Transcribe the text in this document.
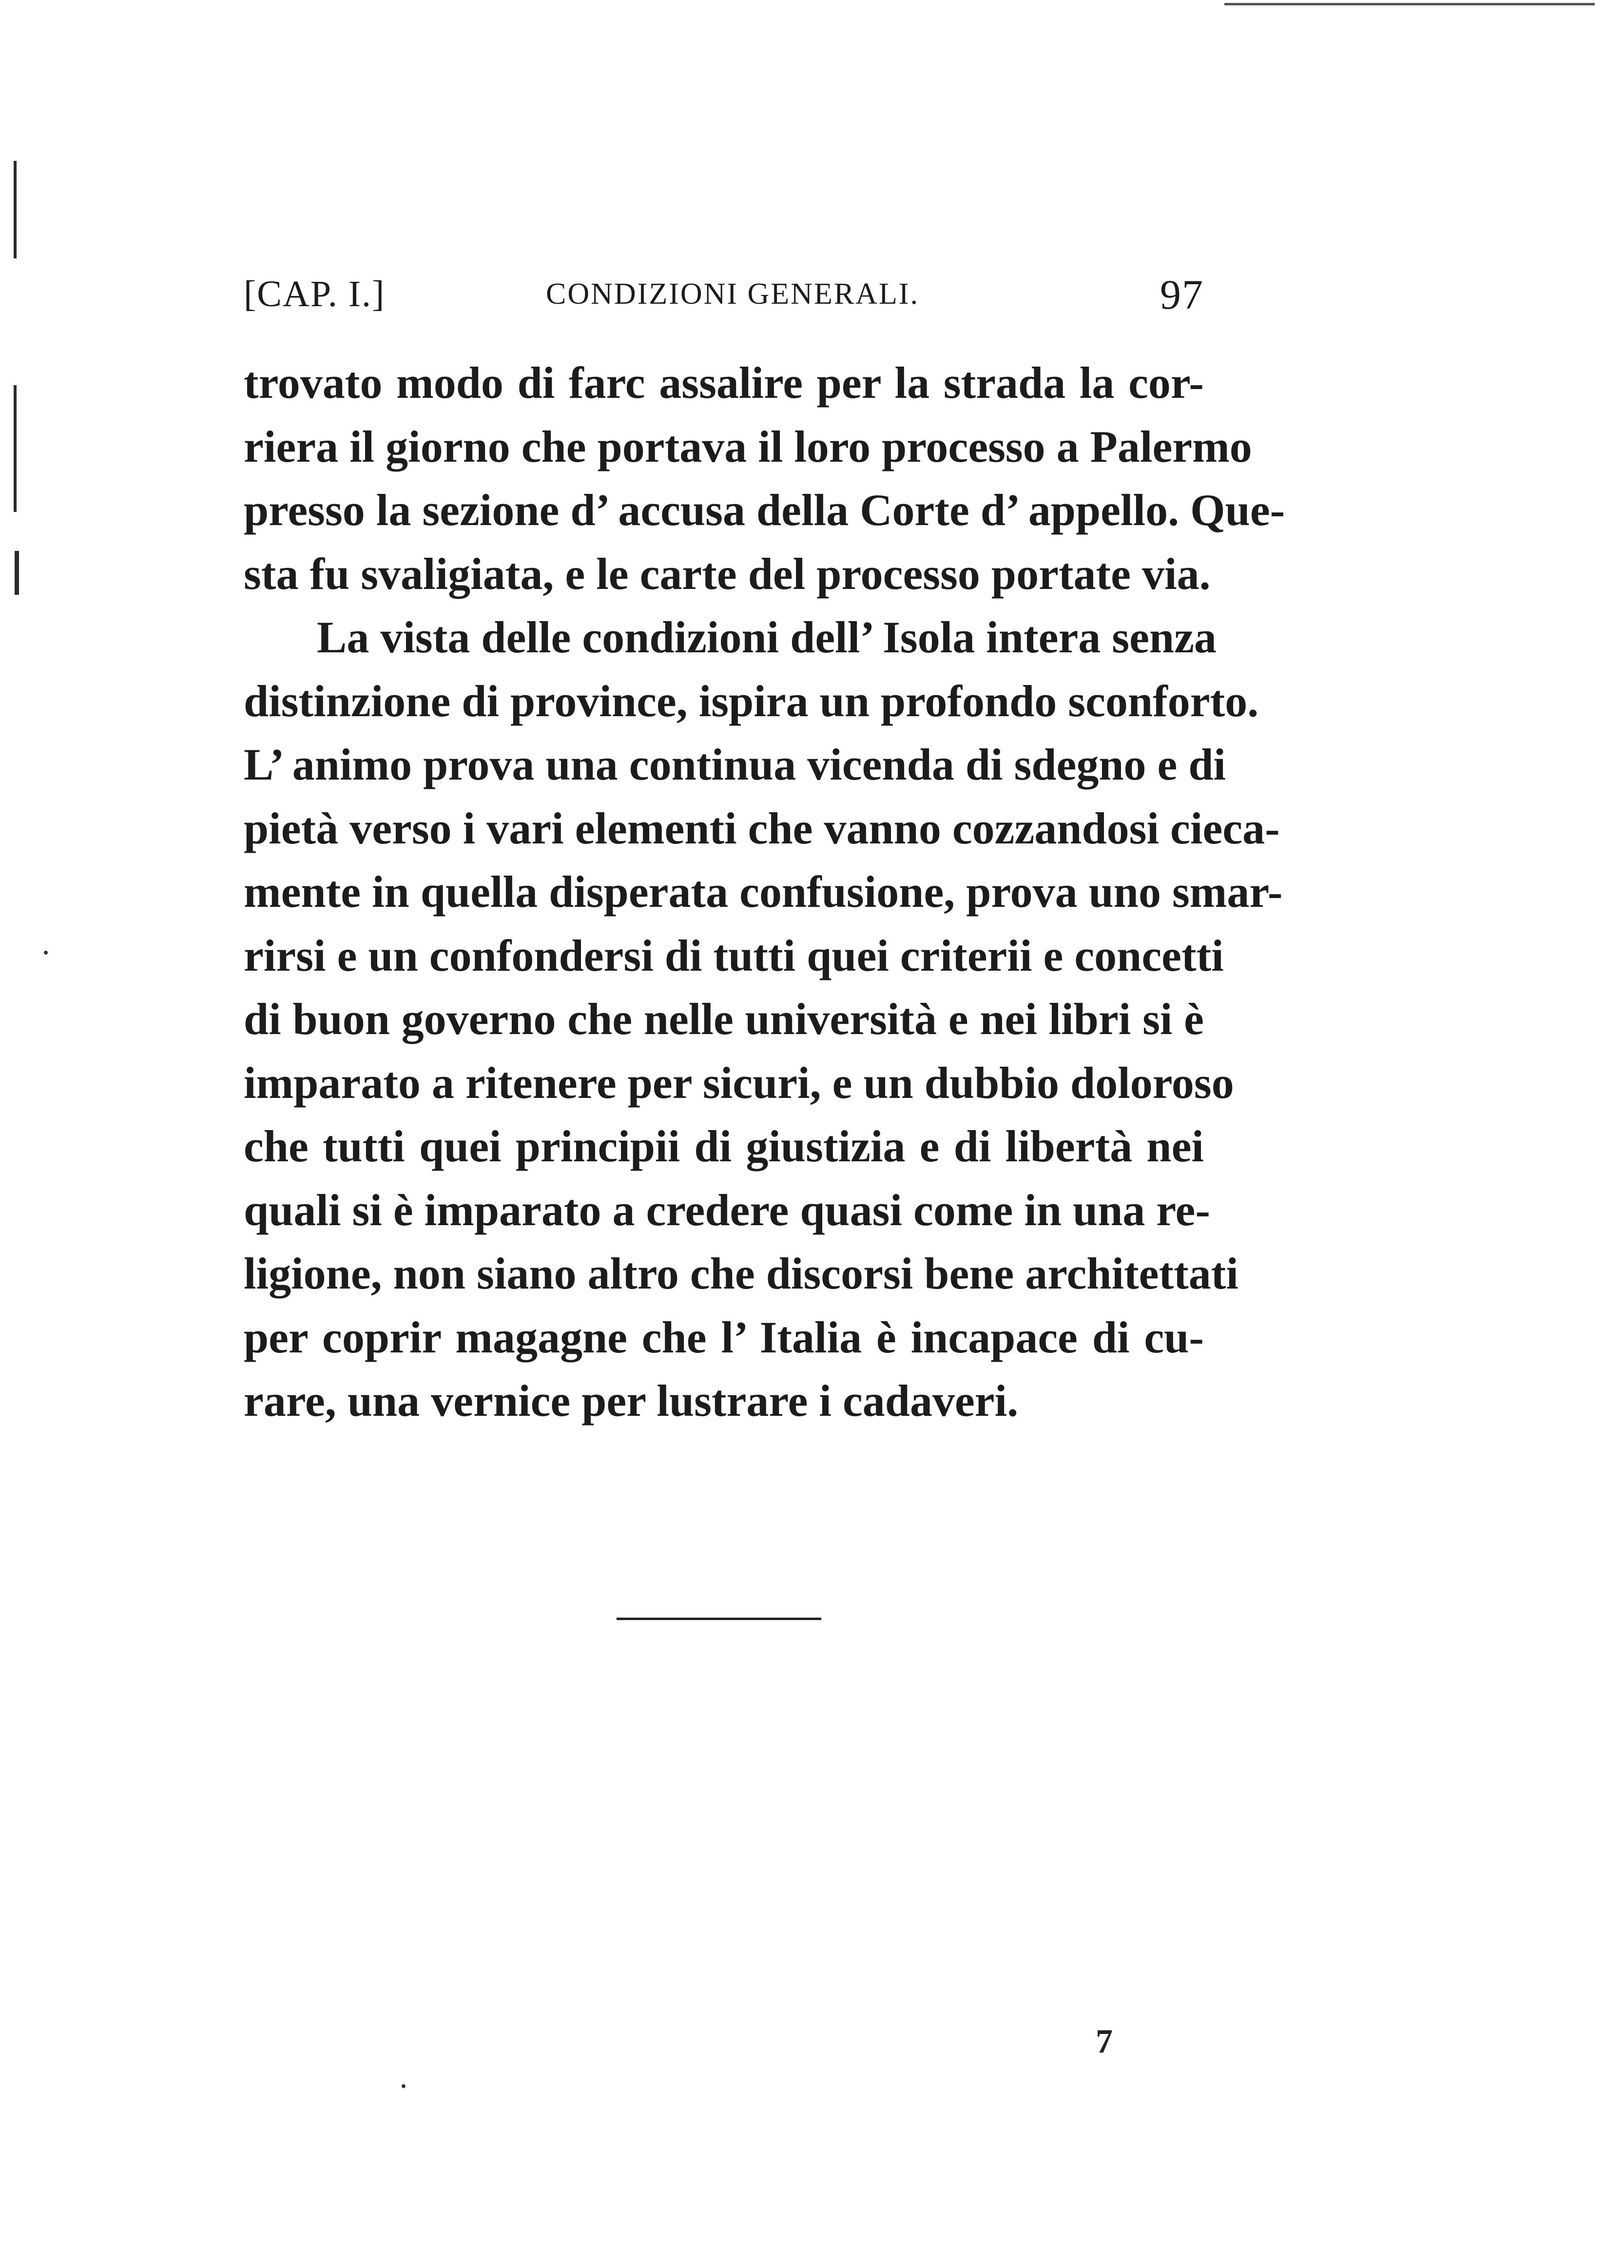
[CAP. I.]	CONDIZIONI GENERALI.	97
trovato modo di farc assalire per la strada la cor-
riera il giorno che portava il loro processo a Palermo
presso la sezione d’ accusa della Corte d’ appello. Que-
sta fu svaligiata, e le carte del processo portate via.
La vista delle condizioni dell’ Isola intera senza
distinzione di province, ispira un profondo sconforto.
L’ animo prova una continua vicenda di sdegno e di
pietà verso i vari elementi che vanno cozzandosi cieca-
mente in quella disperata confusione, prova uno smar-
rirsi e un confondersi di tutti quei criterii e concetti
di buon governo che nelle università e nei libri si è
imparato a ritenere per sicuri, e un dubbio doloroso
che tutti quei principii di giustizia e di libertà nei
quali si è imparato a credere quasi come in una re-
ligione, non siano altro che discorsi bene architettati
per coprir magagne che l’ Italia è incapace di cu-
rare, una vernice per lustrare i cadaveri.
7
